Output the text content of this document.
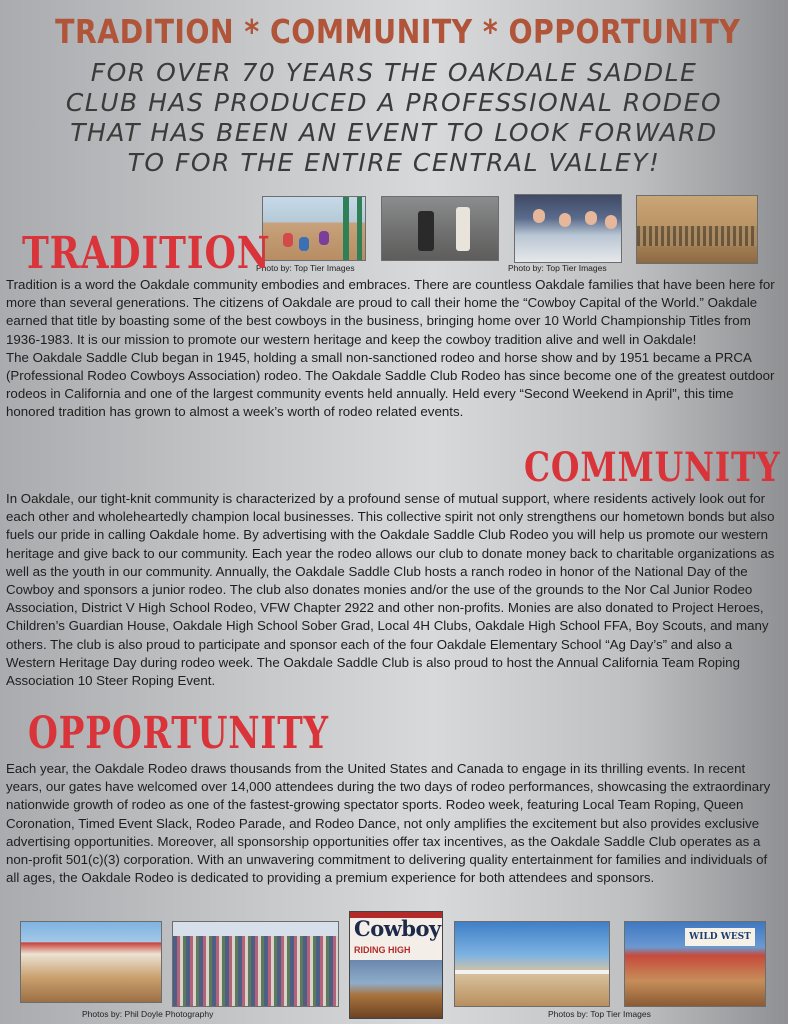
TRADITION * COMMUNITY * OPPORTUNITY
FOR OVER 70 YEARS THE OAKDALE SADDLE
CLUB HAS PRODUCED A PROFESSIONAL RODEO
THAT HAS BEEN AN EVENT TO LOOK FORWARD
TO FOR THE ENTIRE CENTRAL VALLEY!
Photo by: Top Tier Images	Photo by: Top Tier Images
TRADITION
Tradition is a word the Oakdale community embodies and embraces. There are countless Oakdale families that have been here for more than several generations. The citizens of Oakdale are proud to call their home the “Cowboy Capital of the World.” Oakdale earned that title by boasting some of the best cowboys in the business, bringing home over 10 World Championship Titles from 1936-1983. It is our mission to promote our western heritage and keep the cowboy tradition alive and well in Oakdale!
The Oakdale Saddle Club began in 1945, holding a small non-sanctioned rodeo and horse show and by 1951 became a PRCA (Professional Rodeo Cowboys Association) rodeo. The Oakdale Saddle Club Rodeo has since become one of the greatest outdoor rodeos in California and one of the largest community events held annually. Held every “Second Weekend in April”, this time honored tradition has grown to almost a week’s worth of rodeo related events.
COMMUNITY
In Oakdale, our tight-knit community is characterized by a profound sense of mutual support, where residents actively look out for each other and wholeheartedly champion local businesses. This collective spirit not only strengthens our hometown bonds but also fuels our pride in calling Oakdale home. By advertising with the Oakdale Saddle Club Rodeo you will help us promote our western heritage and give back to our community. Each year the rodeo allows our club to donate money back to charitable organizations as well as the youth in our community. Annually, the Oakdale Saddle Club hosts a ranch rodeo in honor of the National Day of the Cowboy and sponsors a junior rodeo. The club also donates monies and/or the use of the grounds to the Nor Cal Junior Rodeo Association, District V High School Rodeo, VFW Chapter 2922 and other non-profits. Monies are also donated to Project Heroes, Children’s Guardian House, Oakdale High School Sober Grad, Local 4H Clubs, Oakdale High School FFA, Boy Scouts, and many others. The club is also proud to participate and sponsor each of the four Oakdale Elementary School “Ag Day’s” and also a Western Heritage Day during rodeo week. The Oakdale Saddle Club is also proud to host the Annual California Team Roping Association 10 Steer Roping Event.
OPPORTUNITY
Each year, the Oakdale Rodeo draws thousands from the United States and Canada to engage in its thrilling events. In recent years, our gates have welcomed over 14,000 attendees during the two days of rodeo performances, showcasing the extraordinary nationwide growth of rodeo as one of the fastest-growing spectator sports. Rodeo week, featuring Local Team Roping, Queen Coronation, Timed Event Slack, Rodeo Parade, and Rodeo Dance, not only amplifies the excitement but also provides exclusive advertising opportunities. Moreover, all sponsorship opportunities offer tax incentives, as the Oakdale Saddle Club operates as a non-profit 501(c)(3) corporation. With an unwavering commitment to delivering quality entertainment for families and individuals of all ages, the Oakdale Rodeo is dedicated to providing a premium experience for both attendees and sponsors.
Cowboy
RIDING HIGH
WILD WEST
Photos by: Phil Doyle Photography	Photos by: Top Tier Images
